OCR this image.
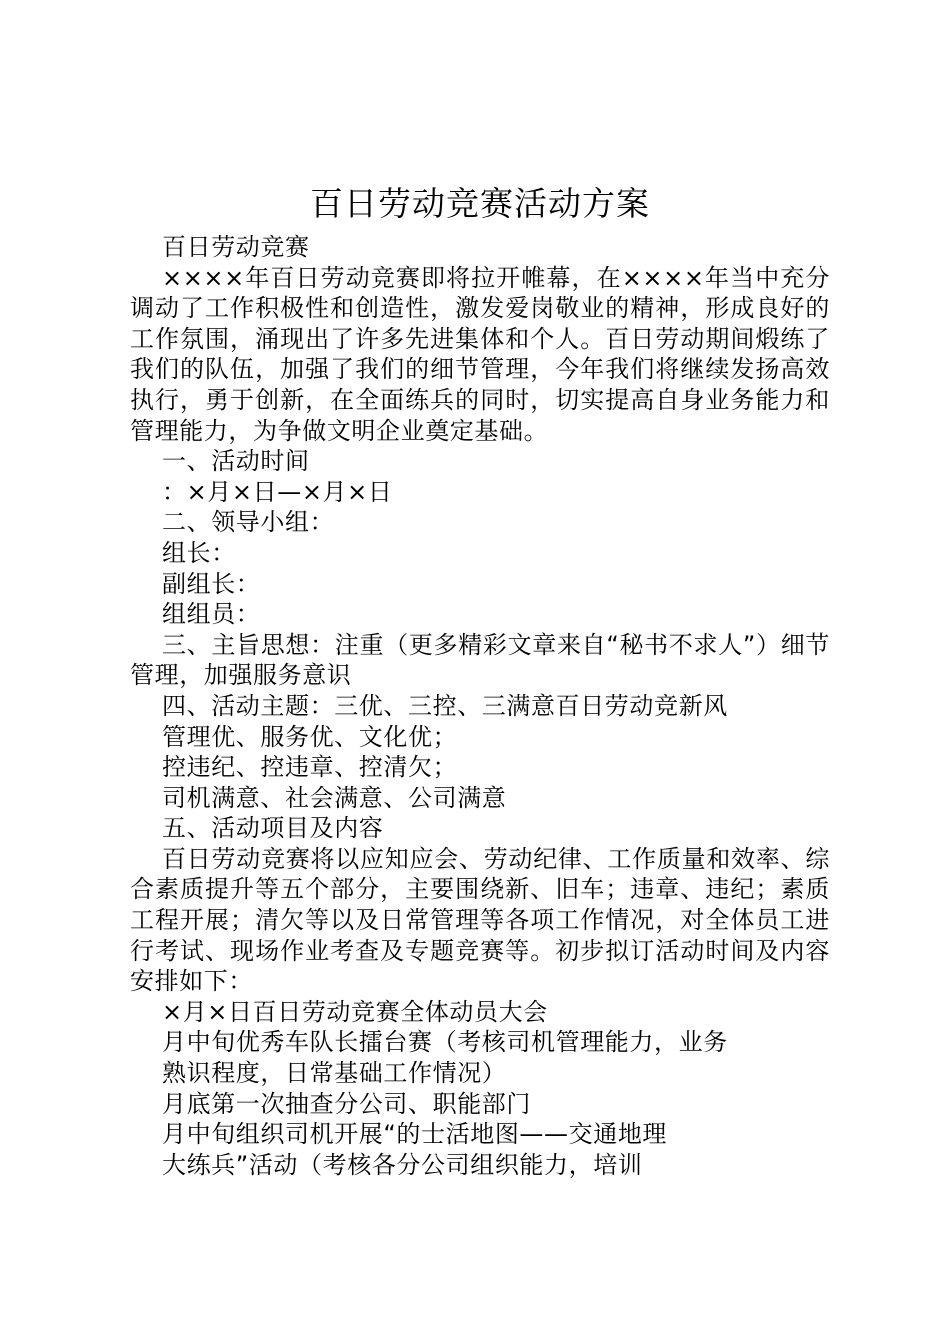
百日劳动竞赛活动方案

百日劳动竞赛

××××年百日劳动竞赛即将拉开帷幕，在××××年当中充分调动了工作积极性和创造性，激发爱岗敬业的精神，形成良好的工作氛围，涌现出了许多先进集体和个人。百日劳动期间煅练了我们的队伍，加强了我们的细节管理，今年我们将继续发扬高效执行，勇于创新，在全面练兵的同时，切实提高自身业务能力和管理能力，为争做文明企业奠定基础。

一、活动时间

：×月×日—×月×日

二、领导小组：

组长：

副组长：

组组员：

三、主旨思想：注重（更多精彩文章来自“秘书不求人”）细节管理，加强服务意识

四、活动主题：三优、三控、三满意百日劳动竞新风

管理优、服务优、文化优；

控违纪、控违章、控清欠；

司机满意、社会满意、公司满意

五、活动项目及内容

百日劳动竞赛将以应知应会、劳动纪律、工作质量和效率、综合素质提升等五个部分，主要围绕新、旧车；违章、违纪；素质工程开展；清欠等以及日常管理等各项工作情况，对全体员工进行考试、现场作业考查及专题竞赛等。初步拟订活动时间及内容安排如下：

×月×日百日劳动竞赛全体动员大会

月中旬优秀车队长擂台赛（考核司机管理能力，业务

熟识程度，日常基础工作情况）

月底第一次抽查分公司、职能部门

月中旬组织司机开展“的士活地图——交通地理

大练兵”活动（考核各分公司组织能力，培训
